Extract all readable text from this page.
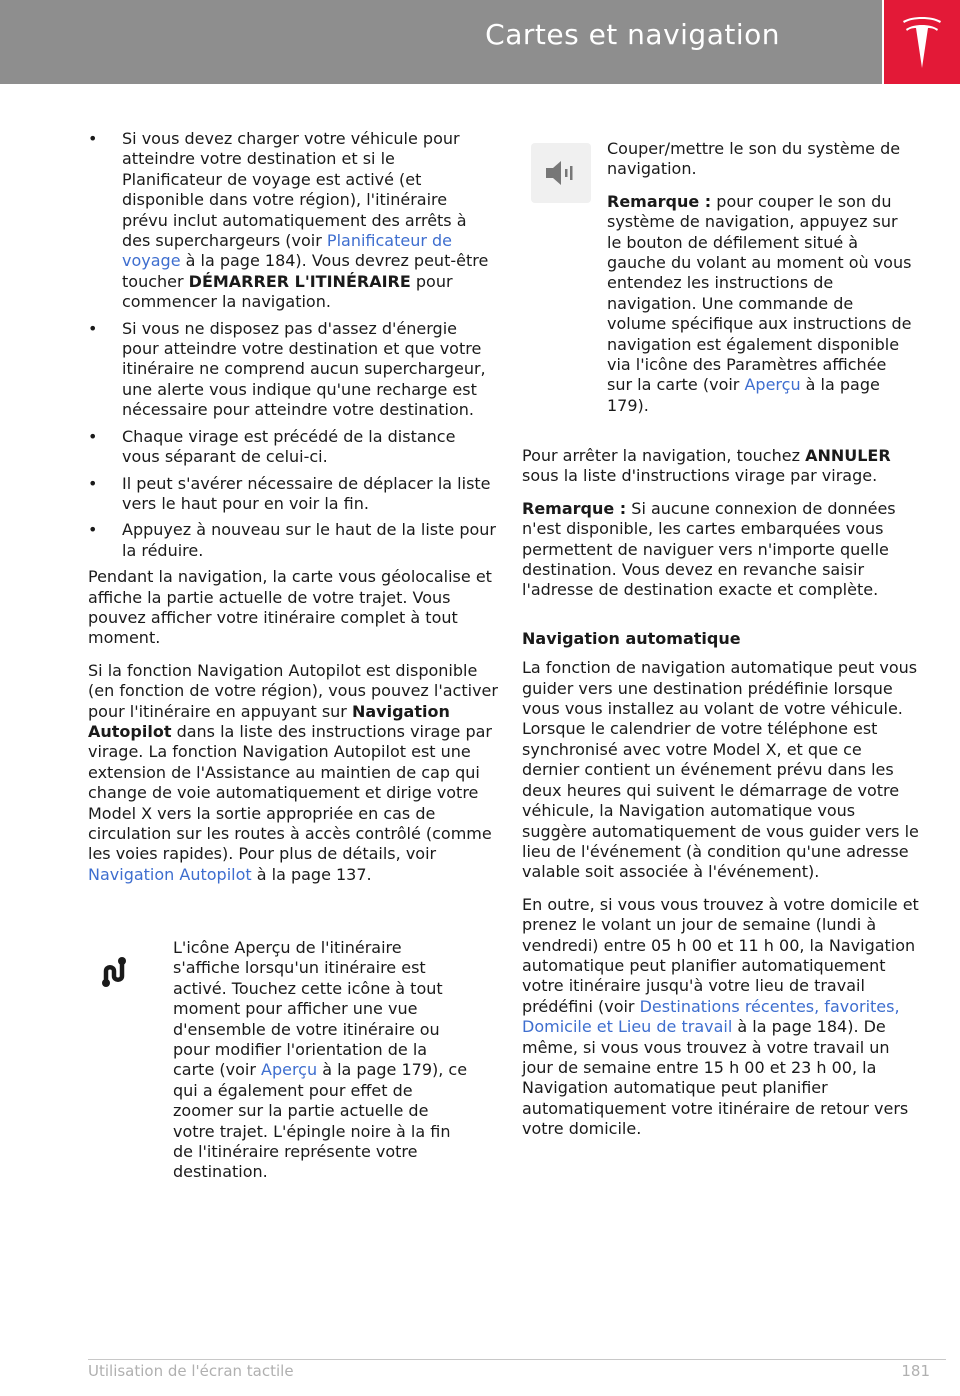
Cartes et navigation
•	Si vous devez charger votre véhicule pour atteindre votre destination et si le Planificateur de voyage est activé (et disponible dans votre région), l'itinéraire prévu inclut automatiquement des arrêts à des superchargeurs (voir Planificateur de voyage à la page 184). Vous devrez peut-être toucher DÉMARRER L'ITINÉRAIRE pour commencer la navigation.
•	Si vous ne disposez pas d'assez d'énergie pour atteindre votre destination et que votre itinéraire ne comprend aucun superchargeur, une alerte vous indique qu'une recharge est nécessaire pour atteindre votre destination.
•	Chaque virage est précédé de la distance vous séparant de celui-ci.
•	Il peut s'avérer nécessaire de déplacer la liste vers le haut pour en voir la fin.
•	Appuyez à nouveau sur le haut de la liste pour la réduire.

Pendant la navigation, la carte vous géolocalise et affiche la partie actuelle de votre trajet. Vous pouvez afficher votre itinéraire complet à tout moment.

Si la fonction Navigation Autopilot est disponible (en fonction de votre région), vous pouvez l'activer pour l'itinéraire en appuyant sur Navigation Autopilot dans la liste des instructions virage par virage. La fonction Navigation Autopilot est une extension de l'Assistance au maintien de cap qui change de voie automatiquement et dirige votre Model X vers la sortie appropriée en cas de circulation sur les routes à accès contrôlé (comme les voies rapides). Pour plus de détails, voir Navigation Autopilot à la page 137.

L'icône Aperçu de l'itinéraire s'affiche lorsqu'un itinéraire est activé. Touchez cette icône à tout moment pour afficher une vue d'ensemble de votre itinéraire ou pour modifier l'orientation de la carte (voir Aperçu à la page 179), ce qui a également pour effet de zoomer sur la partie actuelle de votre trajet. L'épingle noire à la fin de l'itinéraire représente votre destination.

Couper/mettre le son du système de navigation.

Remarque : pour couper le son du système de navigation, appuyez sur le bouton de défilement situé à gauche du volant au moment où vous entendez les instructions de navigation. Une commande de volume spécifique aux instructions de navigation est également disponible via l'icône des Paramètres affichée sur la carte (voir Aperçu à la page 179).

Pour arrêter la navigation, touchez ANNULER sous la liste d'instructions virage par virage.

Remarque : Si aucune connexion de données n'est disponible, les cartes embarquées vous permettent de naviguer vers n'importe quelle destination. Vous devez en revanche saisir l'adresse de destination exacte et complète.

Navigation automatique

La fonction de navigation automatique peut vous guider vers une destination prédéfinie lorsque vous vous installez au volant de votre véhicule. Lorsque le calendrier de votre téléphone est synchronisé avec votre Model X, et que ce dernier contient un événement prévu dans les deux heures qui suivent le démarrage de votre véhicule, la Navigation automatique vous suggère automatiquement de vous guider vers le lieu de l'événement (à condition qu'une adresse valable soit associée à l'événement).

En outre, si vous vous trouvez à votre domicile et prenez le volant un jour de semaine (lundi à vendredi) entre 05 h 00 et 11 h 00, la Navigation automatique peut planifier automatiquement votre itinéraire jusqu'à votre lieu de travail prédéfini (voir Destinations récentes, favorites, Domicile et Lieu de travail à la page 184). De même, si vous vous trouvez à votre travail un jour de semaine entre 15 h 00 et 23 h 00, la Navigation automatique peut planifier automatiquement votre itinéraire de retour vers votre domicile.

Utilisation de l'écran tactile	181
